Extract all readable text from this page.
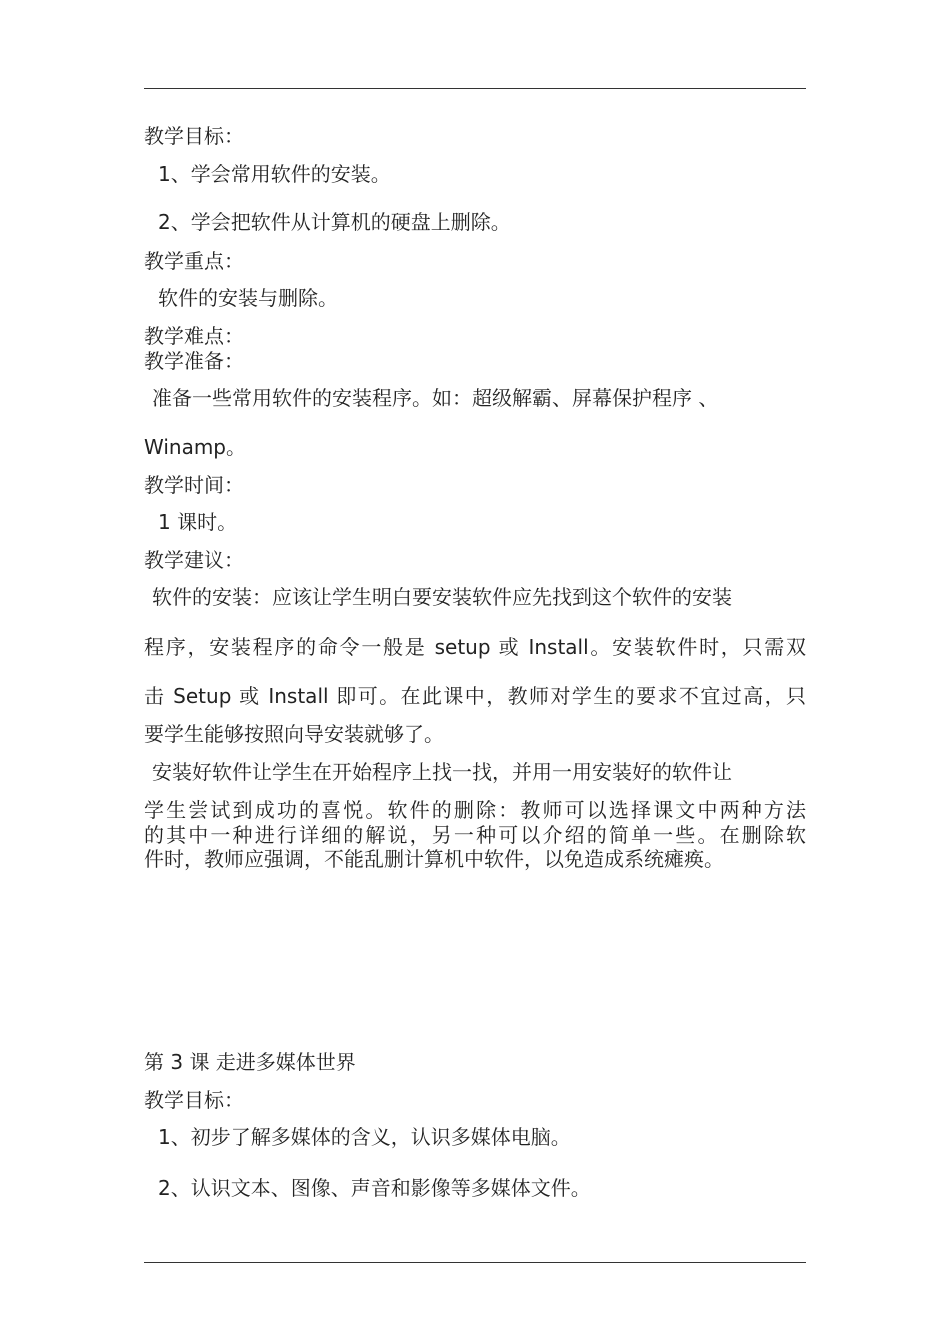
教学目标：
1、学会常用软件的安装。
2、学会把软件从计算机的硬盘上删除。
教学重点：
软件的安装与删除。
教学难点：
教学准备：
准备一些常用软件的安装程序。如：超级解霸、屏幕保护程序 、
Winamp。
教学时间：
1 课时。
教学建议：
软件的安装：应该让学生明白要安装软件应先找到这个软件的安装
程序，安装程序的命令一般是 setup 或 Install。安装软件时，只需双
击 Setup 或 Install 即可。在此课中，教师对学生的要求不宜过高，只
要学生能够按照向导安装就够了。
安装好软件让学生在开始程序上找一找，并用一用安装好的软件让
学生尝试到成功的喜悦。软件的删除：教师可以选择课文中两种方法
的其中一种进行详细的解说，另一种可以介绍的简单一些。在删除软
件时，教师应强调，不能乱删计算机中软件，以免造成系统瘫痪。
第 3 课 走进多媒体世界
教学目标：
1、初步了解多媒体的含义，认识多媒体电脑。
2、认识文本、图像、声音和影像等多媒体文件。
